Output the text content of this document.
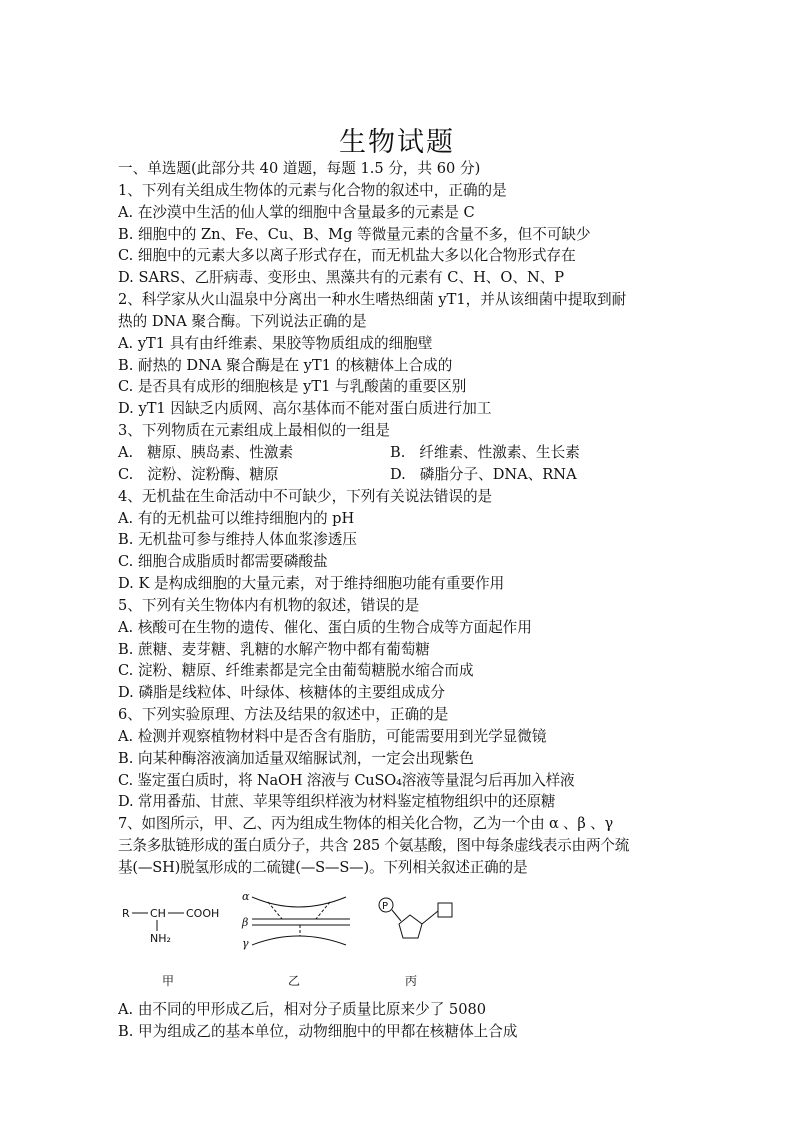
生物试题
一、单选题(此部分共 40 道题，每题 1.5 分，共 60 分)
1、下列有关组成生物体的元素与化合物的叙述中，正确的是
A. 在沙漠中生活的仙人掌的细胞中含量最多的元素是 C
B. 细胞中的 Zn、Fe、Cu、B、Mg 等微量元素的含量不多，但不可缺少
C. 细胞中的元素大多以离子形式存在，而无机盐大多以化合物形式存在
D. SARS、乙肝病毒、变形虫、黑藻共有的元素有 C、H、O、N、P
2、科学家从火山温泉中分离出一种水生嗜热细菌 yT1，并从该细菌中提取到耐
热的 DNA 聚合酶。下列说法正确的是
A. yT1 具有由纤维素、果胶等物质组成的细胞壁
B. 耐热的 DNA 聚合酶是在 yT1 的核糖体上合成的
C. 是否具有成形的细胞核是 yT1 与乳酸菌的重要区别
D. yT1 因缺乏内质网、高尔基体而不能对蛋白质进行加工
3、下列物质在元素组成上最相似的一组是
A.   糖原、胰岛素、性激素	B.   纤维素、性激素、生长素
C.   淀粉、淀粉酶、糖原	D.   磷脂分子、DNA、RNA
4、无机盐在生命活动中不可缺少，下列有关说法错误的是
A. 有的无机盐可以维持细胞内的 pH
B. 无机盐可参与维持人体血浆渗透压
C. 细胞合成脂质时都需要磷酸盐
D. K 是构成细胞的大量元素，对于维持细胞功能有重要作用
5、下列有关生物体内有机物的叙述，错误的是
A. 核酸可在生物的遗传、催化、蛋白质的生物合成等方面起作用
B. 蔗糖、麦芽糖、乳糖的水解产物中都有葡萄糖
C. 淀粉、糖原、纤维素都是完全由葡萄糖脱水缩合而成
D. 磷脂是线粒体、叶绿体、核糖体的主要组成成分
6、下列实验原理、方法及结果的叙述中，正确的是
A. 检测并观察植物材料中是否含有脂肪，可能需要用到光学显微镜
B. 向某种酶溶液滴加适量双缩脲试剂，一定会出现紫色
C. 鉴定蛋白质时，将 NaOH 溶液与 CuSO₄溶液等量混匀后再加入样液
D. 常用番茄、甘蔗、苹果等组织样液为材料鉴定植物组织中的还原糖
7、如图所示，甲、乙、丙为组成生物体的相关化合物，乙为一个由 α 、β 、γ
三条多肽链形成的蛋白质分子，共含 285 个氨基酸，图中每条虚线表示由两个巯
基(—SH)脱氢形成的二硫键(—S—S—)。下列相关叙述正确的是
R CH COOH
NH₂
甲
α
β
γ
乙
P
丙
A. 由不同的甲形成乙后，相对分子质量比原来少了 5080
B. 甲为组成乙的基本单位，动物细胞中的甲都在核糖体上合成
